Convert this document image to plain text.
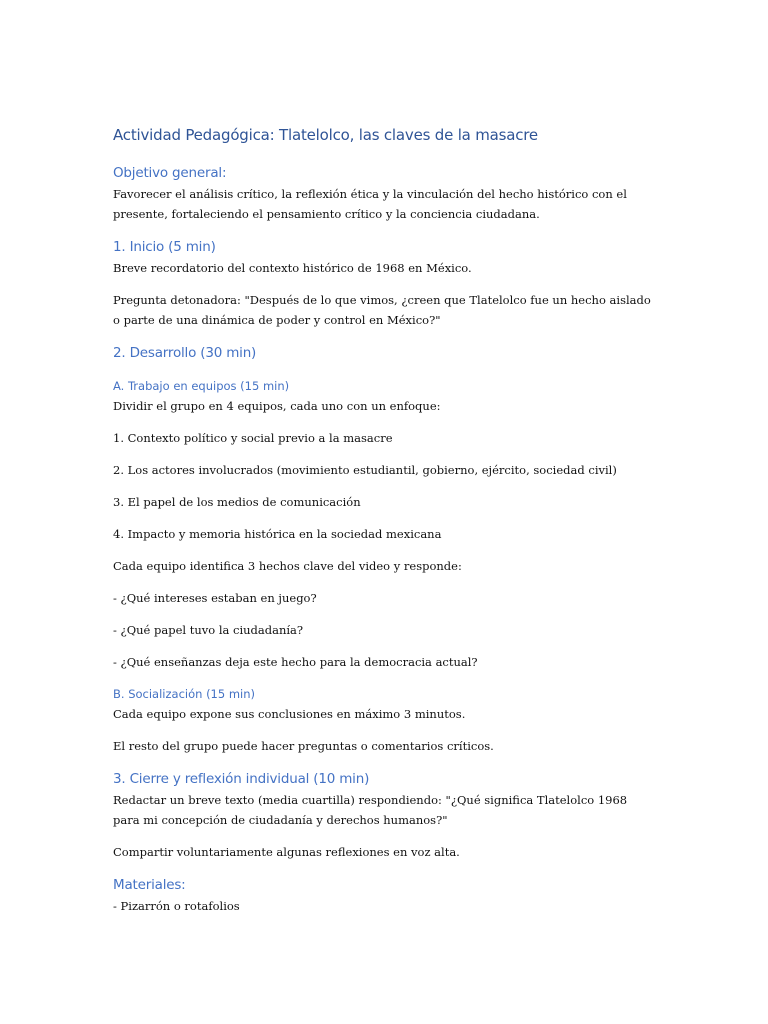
Actividad Pedagógica: Tlatelolco, las claves de la masacre
Objetivo general:

Favorecer el análisis crítico, la reflexión ética y la vinculación del hecho histórico con el

presente, fortaleciendo el pensamiento crítico y la conciencia ciudadana.

1. Inicio (5 min)

Breve recordatorio del contexto histórico de 1968 en México.

Pregunta detonadora: "Después de lo que vimos, ¿creen que Tlatelolco fue un hecho aislado

o parte de una dinámica de poder y control en México?"

2. Desarrollo (30 min)
A. Trabajo en equipos (15 min)

Dividir el grupo en 4 equipos, cada uno con un enfoque:

1. Contexto político y social previo a la masacre

2. Los actores involucrados (movimiento estudiantil, gobierno, ejército, sociedad civil)

3. El papel de los medios de comunicación

4. Impacto y memoria histórica en la sociedad mexicana

Cada equipo identifica 3 hechos clave del video y responde:

- ¿Qué intereses estaban en juego?

- ¿Qué papel tuvo la ciudadanía?

- ¿Qué enseñanzas deja este hecho para la democracia actual?

B. Socialización (15 min)

Cada equipo expone sus conclusiones en máximo 3 minutos.

El resto del grupo puede hacer preguntas o comentarios críticos.

3. Cierre y reflexión individual (10 min)

Redactar un breve texto (media cuartilla) respondiendo: "¿Qué significa Tlatelolco 1968

para mi concepción de ciudadanía y derechos humanos?"

Compartir voluntariamente algunas reflexiones en voz alta.

Materiales:

- Pizarrón o rotafolios
